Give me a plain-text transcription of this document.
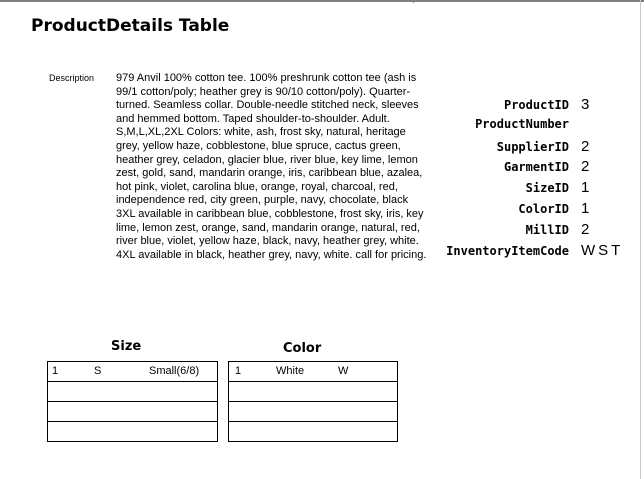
ProductDetails Table
Description 979 Anvil 100% cotton tee. 100% preshrunk cotton tee (ash is 99/1 cotton/poly; heather grey is 90/10 cotton/poly). Quarter-turned. Seamless collar. Double-needle stitched neck, sleeves and hemmed bottom. Taped shoulder-to-shoulder. Adult. S,M,L,XL,2XL Colors: white, ash, frost sky, natural, heritage grey, yellow haze, cobblestone, blue spruce, cactus green, heather grey, celadon, glacier blue, river blue, key lime, lemon zest, gold, sand, mandarin orange, iris, caribbean blue, azalea, hot pink, violet, carolina blue, orange, royal, charcoal, red, independence red, city green, purple, navy, chocolate, black 3XL available in caribbean blue, cobblestone, frost sky, iris, key lime, lemon zest, orange, sand, mandarin orange, natural, red, river blue, violet, yellow haze, black, navy, heather grey, white. 4XL available in black, heather grey, navy, white. call for pricing.
ProductID 3
ProductNumber
SupplierID 2
GarmentID 2
SizeID 1
ColorID 1
MillID 2
InventoryItemCode WST
Size
1	S	Small(6/8)

Color
1	White	W
